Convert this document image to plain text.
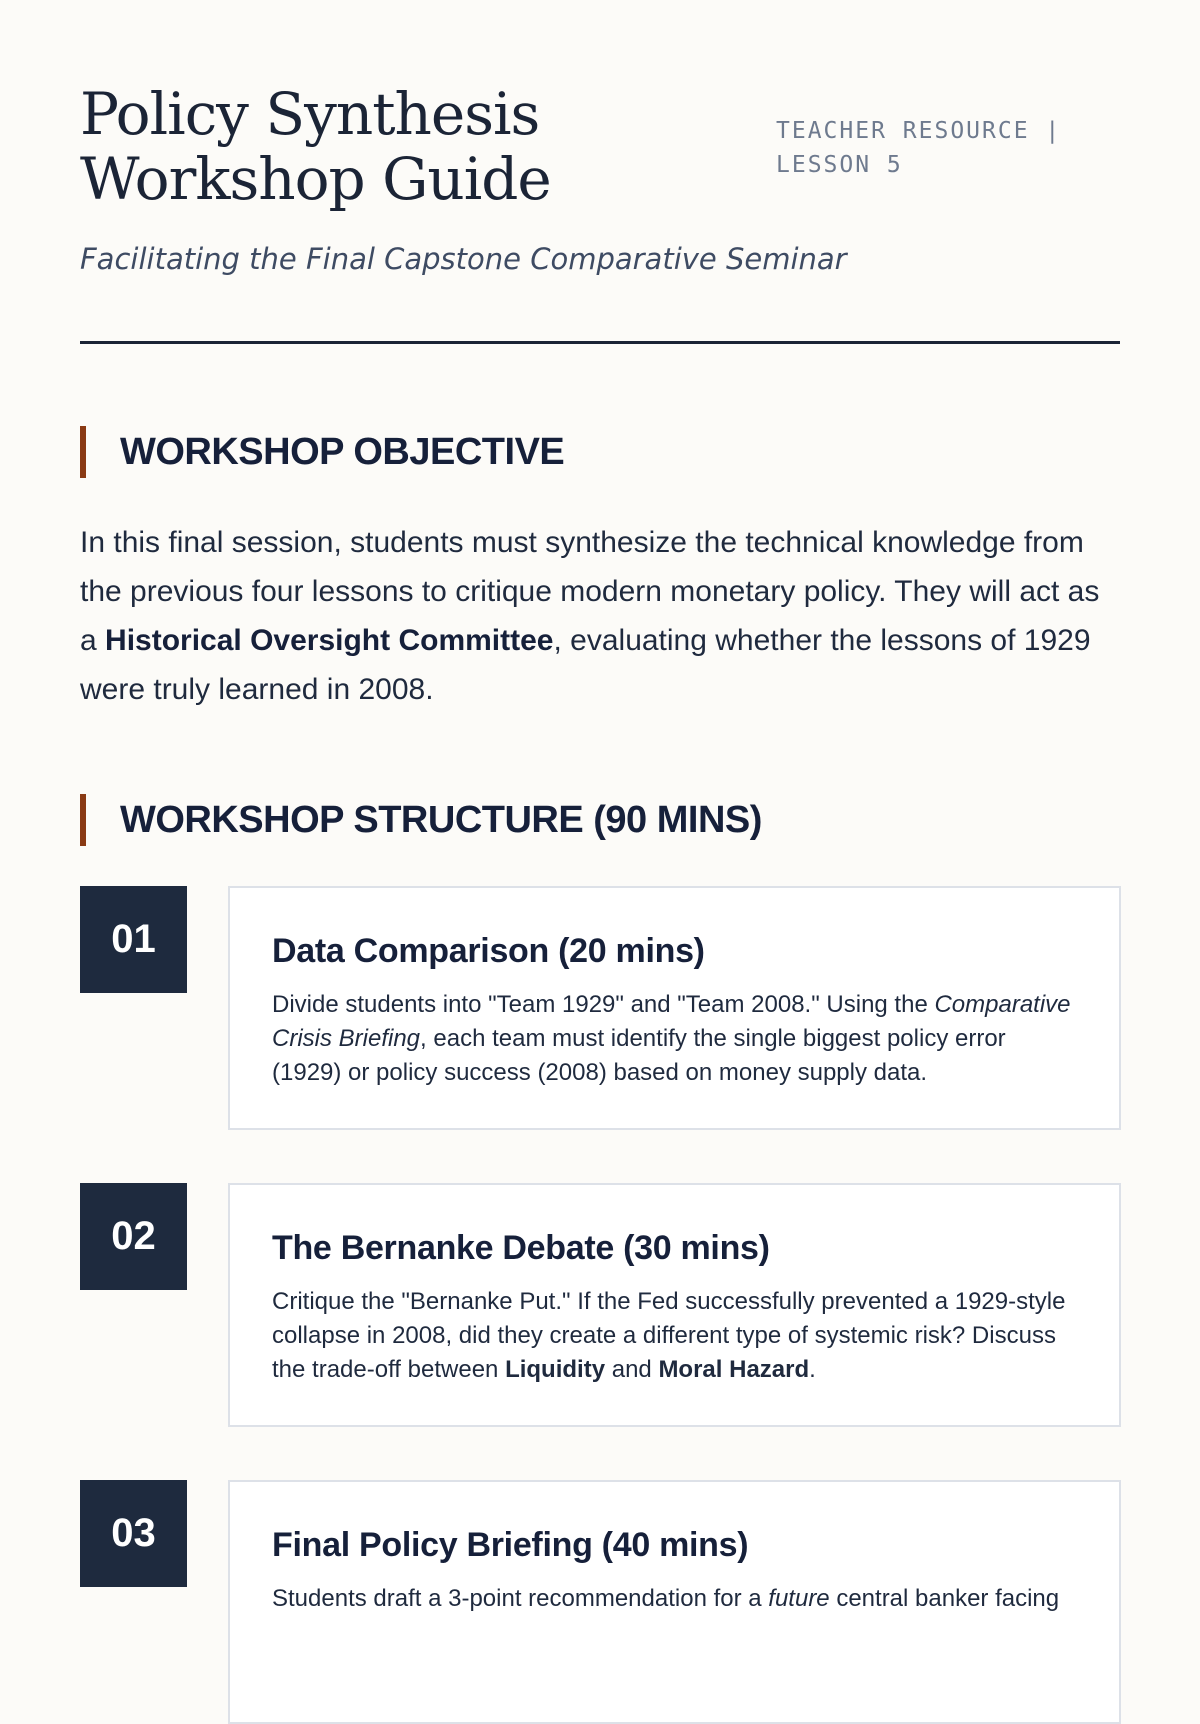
Policy Synthesis
Workshop Guide
TEACHER RESOURCE |
LESSON 5

Facilitating the Final Capstone Comparative Seminar

WORKSHOP OBJECTIVE

In this final session, students must synthesize the technical knowledge from the previous four lessons to critique modern monetary policy. They will act as a Historical Oversight Committee, evaluating whether the lessons of 1929 were truly learned in 2008.

WORKSHOP STRUCTURE (90 MINS)
01	Data Comparison (20 mins)

Divide students into "Team 1929" and "Team 2008." Using the Comparative Crisis Briefing, each team must identify the single biggest policy error (1929) or policy success (2008) based on money supply data.

02	The Bernanke Debate (30 mins)

Critique the "Bernanke Put." If the Fed successfully prevented a 1929-style collapse in 2008, did they create a different type of systemic risk? Discuss the trade-off between Liquidity and Moral Hazard.

03	Final Policy Briefing (40 mins)

Students draft a 3-point recommendation for a future central banker facing
